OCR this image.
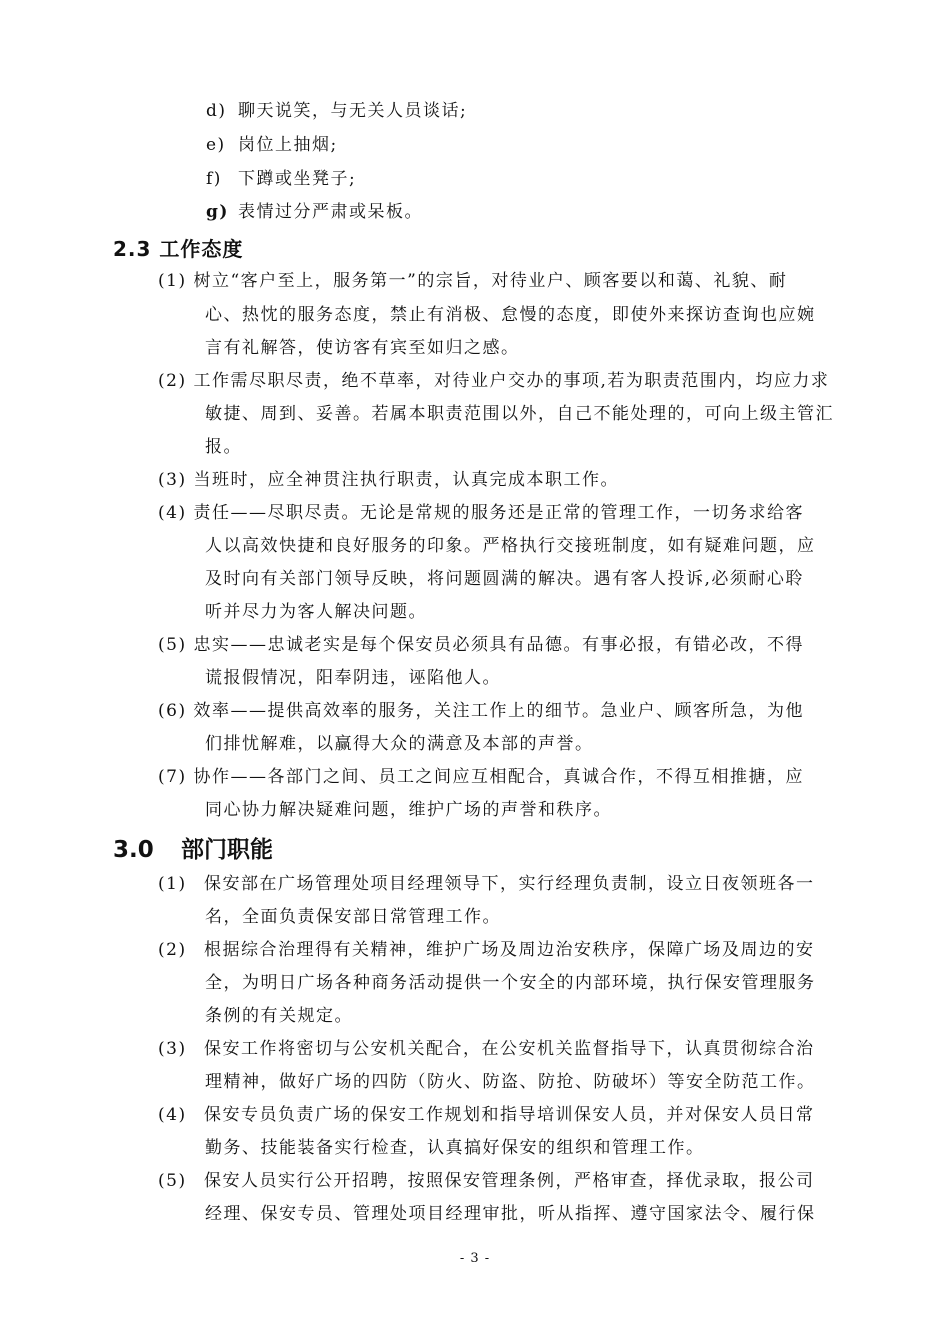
d) 聊天说笑，与无关人员谈话;
e) 岗位上抽烟;
f) 下蹲或坐凳子;
g) 表情过分严肃或呆板。
2.3 工作态度
(1) 树立“客户至上，服务第一”的宗旨，对待业户、顾客要以和蔼、礼貌、耐
心、热忱的服务态度，禁止有消极、怠慢的态度，即使外来探访查询也应婉
言有礼解答，使访客有宾至如归之感。
(2) 工作需尽职尽责，绝不草率，对待业户交办的事项,若为职责范围内，均应力求
敏捷、周到、妥善。若属本职责范围以外，自己不能处理的，可向上级主管汇
报。
(3) 当班时，应全神贯注执行职责，认真完成本职工作。
(4) 责任——尽职尽责。无论是常规的服务还是正常的管理工作，一切务求给客
人以高效快捷和良好服务的印象。严格执行交接班制度，如有疑难问题，应
及时向有关部门领导反映，将问题圆满的解决。遇有客人投诉,必须耐心聆
听并尽力为客人解决问题。
(5) 忠实——忠诚老实是每个保安员必须具有品德。有事必报，有错必改，不得
谎报假情况，阳奉阴违，诬陷他人。
(6) 效率——提供高效率的服务，关注工作上的细节。急业户、顾客所急，为他
们排忧解难，以赢得大众的满意及本部的声誉。
(7) 协作——各部门之间、员工之间应互相配合，真诚合作，不得互相推搪，应
同心协力解决疑难问题，维护广场的声誉和秩序。
3.0 部门职能
(1) 保安部在广场管理处项目经理领导下，实行经理负责制，设立日夜领班各一
名，全面负责保安部日常管理工作。
(2) 根据综合治理得有关精神，维护广场及周边治安秩序，保障广场及周边的安
全，为明日广场各种商务活动提供一个安全的内部环境，执行保安管理服务
条例的有关规定。
(3) 保安工作将密切与公安机关配合，在公安机关监督指导下，认真贯彻综合治
理精神，做好广场的四防（防火、防盗、防抢、防破坏）等安全防范工作。
(4) 保安专员负责广场的保安工作规划和指导培训保安人员，并对保安人员日常
勤务、技能装备实行检查，认真搞好保安的组织和管理工作。
(5) 保安人员实行公开招聘，按照保安管理条例，严格审查，择优录取，报公司
经理、保安专员、管理处项目经理审批，听从指挥、遵守国家法令、履行保
- 3 -
